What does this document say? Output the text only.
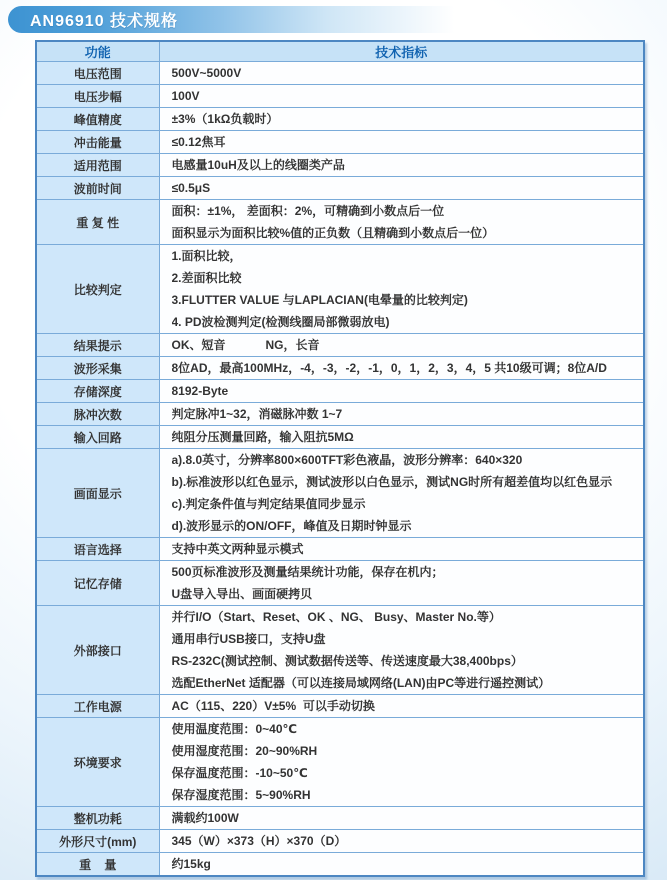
AN96910 技术规格
功能	技术指标
电压范围	500V~5000V

电压步幅	100V

峰值精度	±3%（1kΩ负载时）

冲击能量	≤0.12焦耳

适用范围	电感量10uH及以上的线圈类产品

波前时间	≤0.5μS

重 复 性	面积：±1%， 差面积：2%，可精确到小数点后一位
面积显示为面积比较%值的正负数（且精确到小数点后一位）

比较判定	1.面积比较，
2.差面积比较
3.FLUTTER VALUE 与LAPLACIAN(电晕量的比较判定)
4. PD波检测判定(检测线圈局部微弱放电)

结果提示	OK、短音            NG，长音

波形采集	8位AD，最高100MHz，-4，-3，-2，-1，0，1，2，3，4，5 共10级可调；8位A/D

存储深度	8192-Byte

脉冲次数	判定脉冲1~32，消磁脉冲数 1~7

输入回路	纯阻分压测量回路，输入阻抗5MΩ

画面显示	a).8.0英寸，分辨率800×600TFT彩色液晶，波形分辨率：640×320
b).标准波形以红色显示，测试波形以白色显示，测试NG时所有超差值均以红色显示
c).判定条件值与判定结果值同步显示
d).波形显示的ON/OFF，峰值及日期时钟显示

语言选择	支持中英文两种显示模式

记忆存储	500页标准波形及测量结果统计功能，保存在机内；
U盘导入导出、画面硬拷贝

外部接口	并行I/O（Start、Reset、OK 、NG、 Busy、Master No.等）
通用串行USB接口，支持U盘
RS-232C(测试控制、测试数据传送等、传送速度最大38,400bps）
选配EtherNet 适配器（可以连接局域网络(LAN)由PC等进行遥控测试）

工作电源	AC（115、220）V±5%  可以手动切换

环境要求	使用温度范围：0~40℃
使用湿度范围：20~90%RH
保存温度范围：-10~50℃
保存湿度范围：5~90%RH

整机功耗	满载约100W

外形尺寸(mm)	345（W）×373（H）×370（D）

重    量	约15kg
